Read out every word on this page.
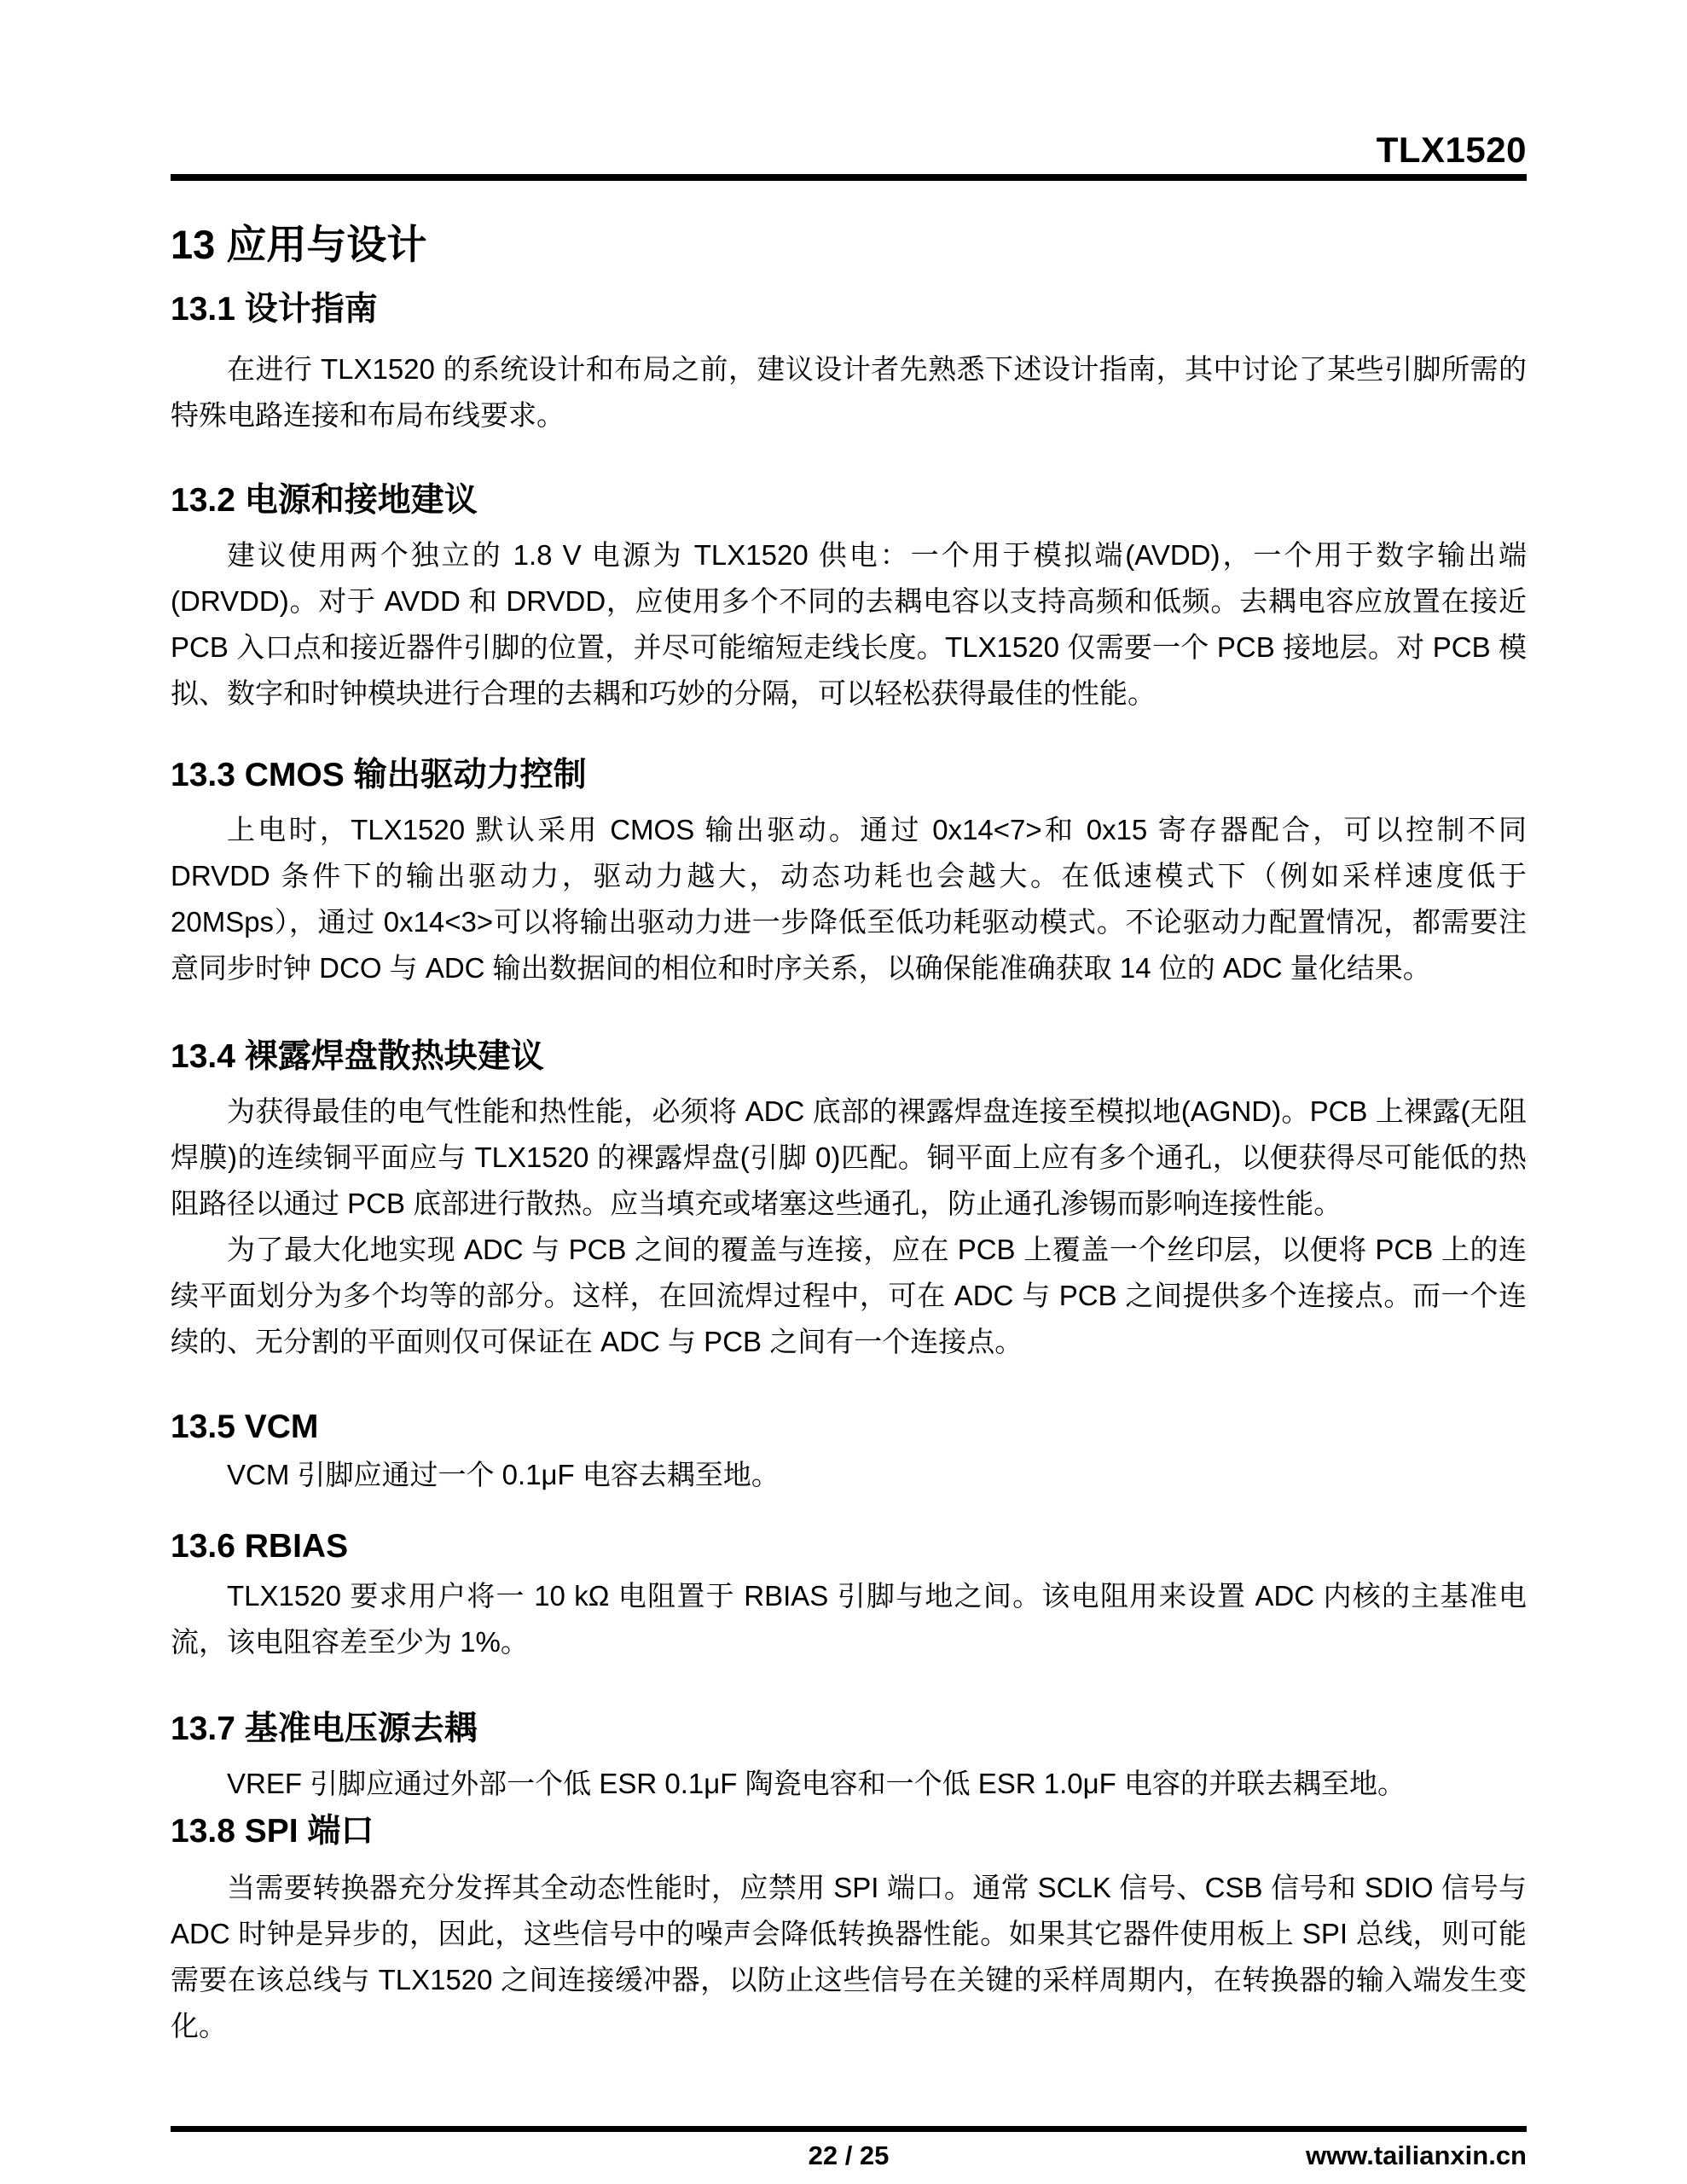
TLX1520
13 应用与设计
13.1 设计指南

在进行 TLX1520 的系统设计和布局之前，建议设计者先熟悉下述设计指南，其中讨论了某些引脚所需的特殊电路连接和布局布线要求。

13.2 电源和接地建议

建议使用两个独立的 1.8 V 电源为 TLX1520 供电：一个用于模拟端(AVDD)，一个用于数字输出端(DRVDD)。对于 AVDD 和 DRVDD，应使用多个不同的去耦电容以支持高频和低频。去耦电容应放置在接近 PCB 入口点和接近器件引脚的位置，并尽可能缩短走线长度。TLX1520 仅需要一个 PCB 接地层。对 PCB 模拟、数字和时钟模块进行合理的去耦和巧妙的分隔，可以轻松获得最佳的性能。

13.3 CMOS 输出驱动力控制

上电时，TLX1520 默认采用 CMOS 输出驱动。通过 0x14<7>和 0x15 寄存器配合，可以控制不同 DRVDD 条件下的输出驱动力，驱动力越大，动态功耗也会越大。在低速模式下（例如采样速度低于 20MSps），通过 0x14<3>可以将输出驱动力进一步降低至低功耗驱动模式。不论驱动力配置情况，都需要注意同步时钟 DCO 与 ADC 输出数据间的相位和时序关系，以确保能准确获取 14 位的 ADC 量化结果。

13.4 裸露焊盘散热块建议

为获得最佳的电气性能和热性能，必须将 ADC 底部的裸露焊盘连接至模拟地(AGND)。PCB 上裸露(无阻焊膜)的连续铜平面应与 TLX1520 的裸露焊盘(引脚 0)匹配。铜平面上应有多个通孔，以便获得尽可能低的热阻路径以通过 PCB 底部进行散热。应当填充或堵塞这些通孔，防止通孔渗锡而影响连接性能。

为了最大化地实现 ADC 与 PCB 之间的覆盖与连接，应在 PCB 上覆盖一个丝印层，以便将 PCB 上的连续平面划分为多个均等的部分。这样，在回流焊过程中，可在 ADC 与 PCB 之间提供多个连接点。而一个连续的、无分割的平面则仅可保证在 ADC 与 PCB 之间有一个连接点。

13.5 VCM

VCM 引脚应通过一个 0.1μF 电容去耦至地。

13.6 RBIAS

TLX1520 要求用户将一 10 kΩ 电阻置于 RBIAS 引脚与地之间。该电阻用来设置 ADC 内核的主基准电流，该电阻容差至少为 1%。

13.7 基准电压源去耦

VREF 引脚应通过外部一个低 ESR 0.1μF 陶瓷电容和一个低 ESR 1.0μF 电容的并联去耦至地。

13.8 SPI 端口

当需要转换器充分发挥其全动态性能时，应禁用 SPI 端口。通常 SCLK 信号、CSB 信号和 SDIO 信号与 ADC 时钟是异步的，因此，这些信号中的噪声会降低转换器性能。如果其它器件使用板上 SPI 总线，则可能需要在该总线与 TLX1520 之间连接缓冲器，以防止这些信号在关键的采样周期内，在转换器的输入端发生变化。

22 / 25	www.tailianxin.cn
